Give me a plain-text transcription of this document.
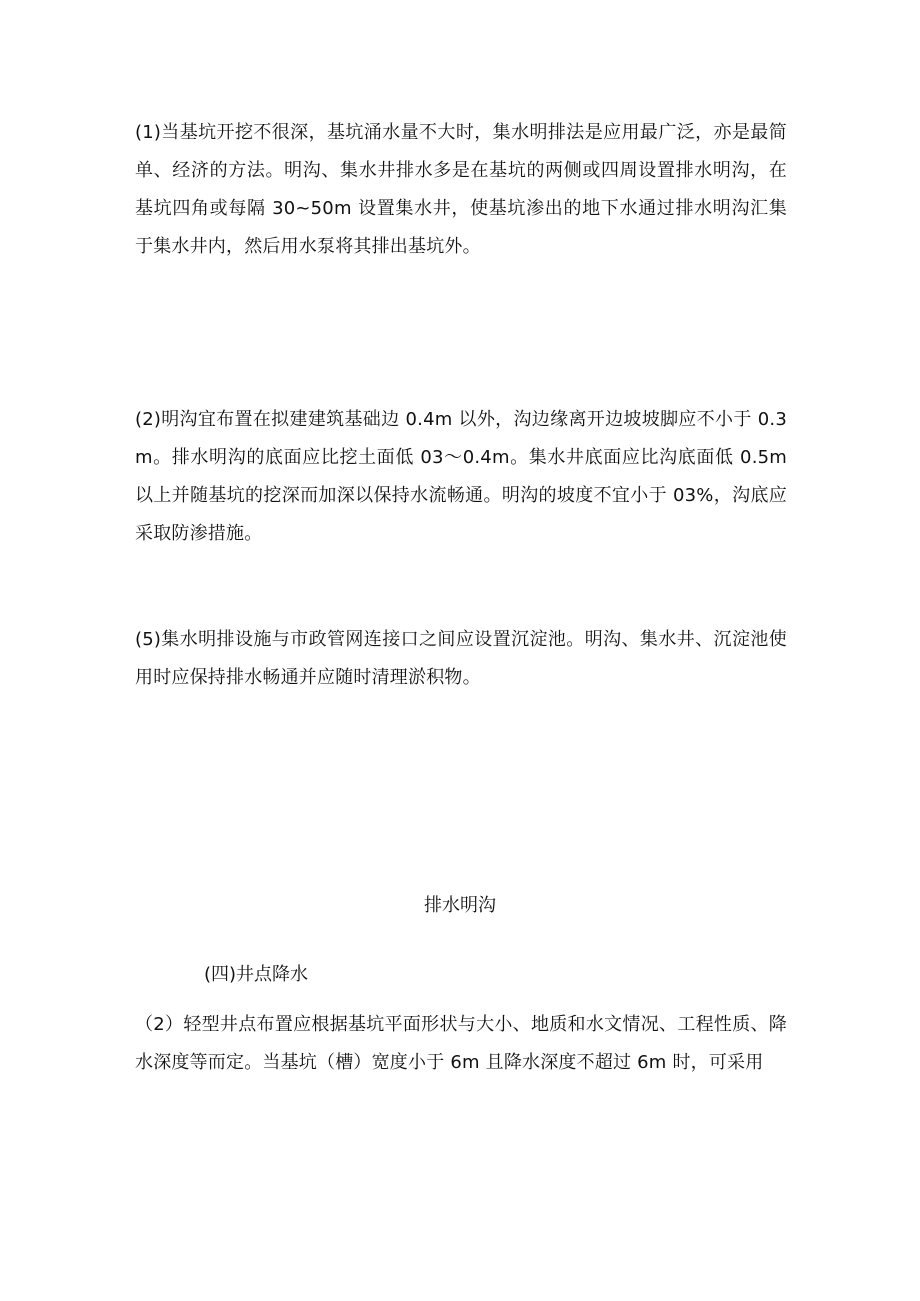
(1)当基坑开挖不很深，基坑涌水量不大时，集水明排法是应用最广泛，亦是最简单、经济的方法。明沟、集水井排水多是在基坑的两侧或四周设置排水明沟，在基坑四角或每隔 30~50m 设置集水井，使基坑渗出的地下水通过排水明沟汇集于集水井内，然后用水泵将其排出基坑外。

(2)明沟宜布置在拟建建筑基础边 0.4m 以外，沟边缘离开边坡坡脚应不小于 0.3m。排水明沟的底面应比挖土面低 03～0.4m。集水井底面应比沟底面低 0.5m 以上并随基坑的挖深而加深以保持水流畅通。明沟的坡度不宜小于 03%，沟底应采取防渗措施。

(5)集水明排设施与市政管网连接口之间应设置沉淀池。明沟、集水井、沉淀池使用时应保持排水畅通并应随时清理淤积物。

排水明沟

(四)井点降水

（2）轻型井点布置应根据基坑平面形状与大小、地质和水文情况、工程性质、降水深度等而定。当基坑（槽）宽度小于 6m 且降水深度不超过 6m 时，可采用
